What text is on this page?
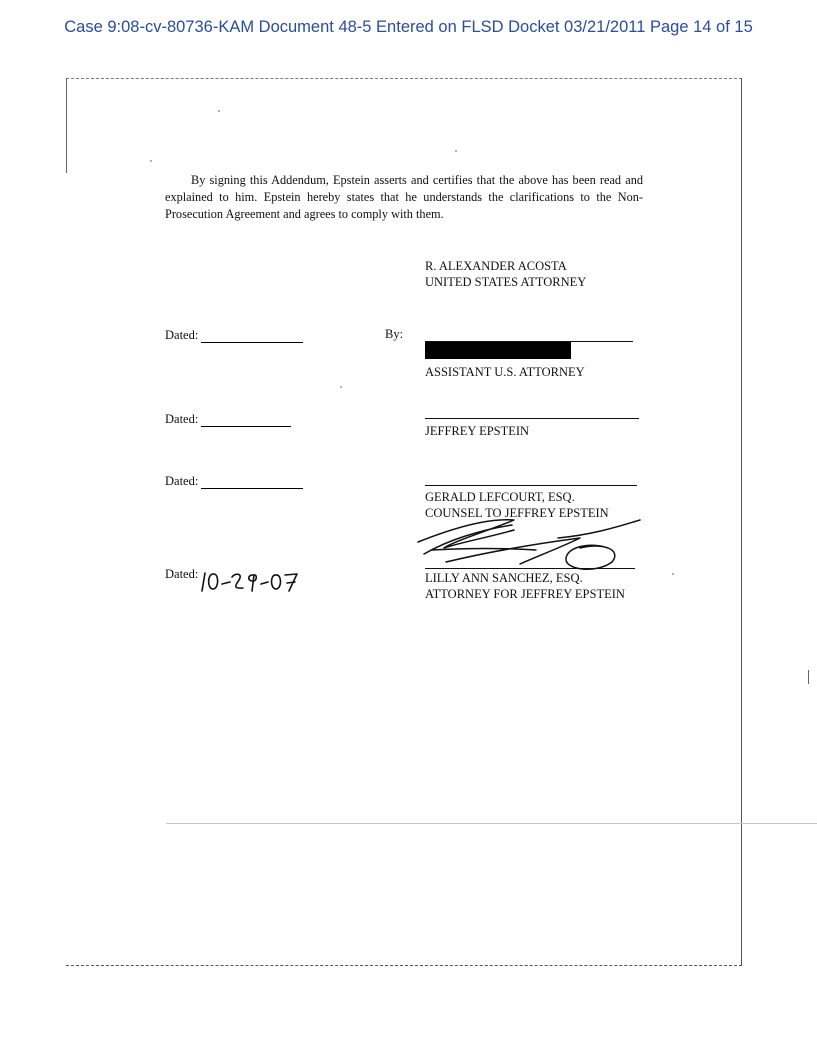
Case 9:08-cv-80736-KAM Document 48-5 Entered on FLSD Docket 03/21/2011 Page 14 of 15
By signing this Addendum, Epstein asserts and certifies that the above has been read and explained to him. Epstein hereby states that he understands the clarifications to the Non-Prosecution Agreement and agrees to comply with them.
R. ALEXANDER ACOSTA
UNITED STATES ATTORNEY
Dated:	By:
ASSISTANT U.S. ATTORNEY
Dated:
JEFFREY EPSTEIN
Dated:
GERALD LEFCOURT, ESQ.
COUNSEL TO JEFFREY EPSTEIN
Dated:	LILLY ANN SANCHEZ, ESQ.
ATTORNEY FOR JEFFREY EPSTEIN
